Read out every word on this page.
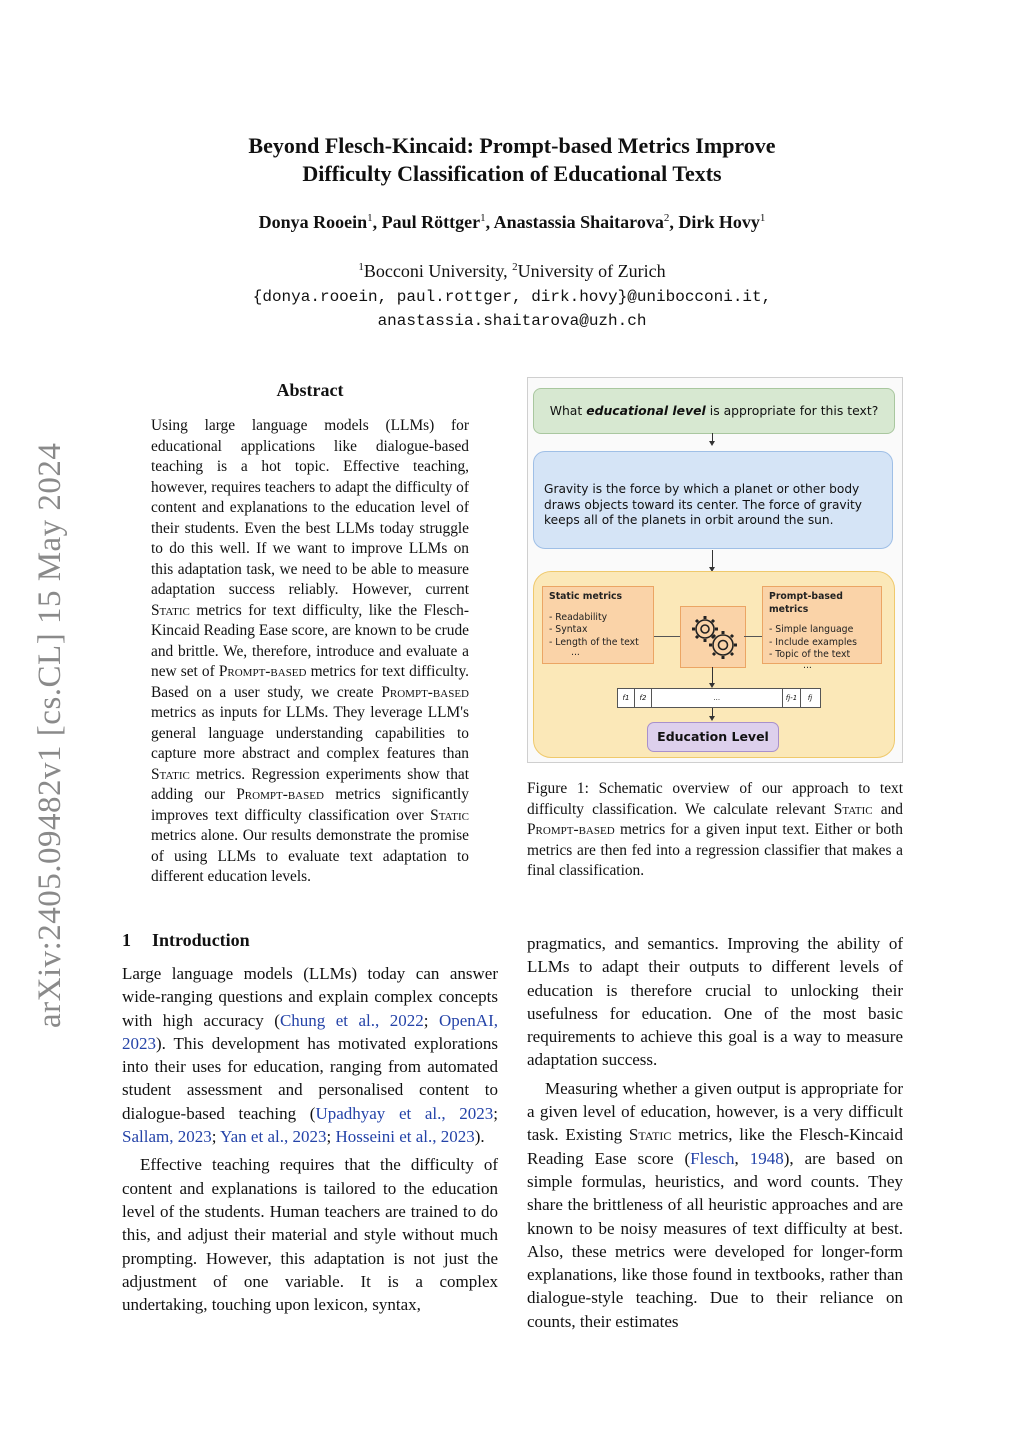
arXiv:2405.09482v1 [cs.CL] 15 May 2024
Beyond Flesch-Kincaid: Prompt-based Metrics Improve
Difficulty Classification of Educational Texts
Donya Rooein$^1$, Paul Röttger$^1$, Anastassia Shaitarova$^2$, Dirk Hovy$^1$
$^1$Bocconi University, $^2$University of Zurich
{donya.rooein, paul.rottger, dirk.hovy}@unibocconi.it,
anastassia.shaitarova@uzh.ch
Abstract
Using large language models (LLMs) for educational applications like dialogue-based teaching is a hot topic. Effective teaching, however, requires teachers to adapt the difficulty of content and explanations to the education level of their students. Even the best LLMs today struggle to do this well. If we want to improve LLMs on this adaptation task, we need to be able to measure adaptation success reliably. However, current Static metrics for text difficulty, like the Flesch-Kincaid Reading Ease score, are known to be crude and brittle. We, therefore, introduce and evaluate a new set of Prompt-based metrics for text difficulty. Based on a user study, we create Prompt-based metrics as inputs for LLMs. They leverage LLM's general language understanding capabilities to capture more abstract and complex features than Static metrics. Regression experiments show that adding our Prompt-based metrics significantly improves text difficulty classification over Static metrics alone. Our results demonstrate the promise of using LLMs to evaluate text adaptation to different education levels.
What educational level is appropriate for this text?
Gravity is the force by which a planet or other body draws objects toward its center. The force of gravity keeps all of the planets in orbit around the sun.
Static metrics
- Readability
- Syntax
- Length of the text
...
Prompt-based metrics
- Simple language
- Include examples
- Topic of the text
...
f1	f2	...	fj-1	fj
Education Level
Figure 1: Schematic overview of our approach to text difficulty classification. We calculate relevant Static and Prompt-based metrics for a given input text. Either or both metrics are then fed into a regression classifier that makes a final classification.
1 Introduction

Large language models (LLMs) today can answer wide-ranging questions and explain complex concepts with high accuracy (Chung et al., 2022; OpenAI, 2023). This development has motivated explorations into their uses for education, ranging from automated student assessment and personalised content to dialogue-based teaching (Upadhyay et al., 2023; Sallam, 2023; Yan et al., 2023; Hosseini et al., 2023).

Effective teaching requires that the difficulty of content and explanations is tailored to the education level of the students. Human teachers are trained to do this, and adjust their material and style without much prompting. However, this adaptation is not just the adjustment of one variable. It is a complex undertaking, touching upon lexicon, syntax,

pragmatics, and semantics. Improving the ability of LLMs to adapt their outputs to different levels of education is therefore crucial to unlocking their usefulness for education. One of the most basic requirements to achieve this goal is a way to measure adaptation success.

Measuring whether a given output is appropriate for a given level of education, however, is a very difficult task. Existing Static metrics, like the Flesch-Kincaid Reading Ease score (Flesch, 1948), are based on simple formulas, heuristics, and word counts. They share the brittleness of all heuristic approaches and are known to be noisy measures of text difficulty at best. Also, these metrics were developed for longer-form explanations, like those found in textbooks, rather than dialogue-style teaching. Due to their reliance on counts, their estimates
